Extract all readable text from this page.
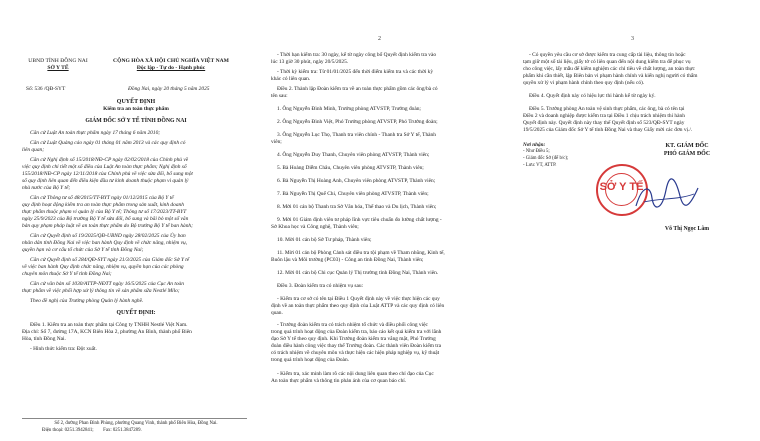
UBND TỈNH ĐỒNG NAI
SỞ Y TẾ
CỘNG HÒA XÃ HỘI CHỦ NGHĨA VIỆT NAM
Độc lập - Tự do - Hạnh phúc
Số: 536 /QĐ-SYT	Đồng Nai, ngày 20 tháng 5 năm 2025
QUYẾT ĐỊNH
Kiểm tra an toàn thực phẩm
GIÁM ĐỐC SỞ Y TẾ TỈNH ĐỒNG NAI
Căn cứ Luật An toàn thực phẩm ngày 17 tháng 6 năm 2010;
Căn cứ Luật Quảng cáo ngày 01 tháng 01 năm 2013 và các quy định có
liên quan;
Căn cứ Nghị định số 15/2018/NĐ-CP ngày 02/02/2018 của Chính phủ về
việc quy định chi tiết một số điều của Luật An toàn thực phẩm; Nghị định số
155/2018/NĐ-CP ngày 12/11/2018 của Chính phủ về việc sửa đổi, bổ sung một
số quy định liên quan đến điều kiện đầu tư kinh doanh thuộc phạm vi quản lý
nhà nước của Bộ Y tế;
Căn cứ Thông tư số 48/2015/TT-BYT ngày 01/12/2015 của Bộ Y tế
quy định hoạt động kiểm tra an toàn thực phẩm trong sản xuất, kinh doanh
thực phẩm thuộc phạm vi quản lý của Bộ Y tế; Thông tư số 17/2023/TT-BYT
ngày 25/9/2023 của Bộ trưởng Bộ Y tế sửa đổi, bổ sung và bãi bỏ một số văn
bản quy phạm pháp luật về an toàn thực phẩm do Bộ trưởng Bộ Y tế ban hành;
Căn cứ Quyết định số 19/2025/QĐ-UBND ngày 28/02/2025 của Ủy ban
nhân dân tỉnh Đồng Nai về việc ban hành Quy định về chức năng, nhiệm vụ,
quyền hạn và cơ cấu tổ chức của Sở Y tế tỉnh Đồng Nai;
Căn cứ Quyết định số 284/QĐ-SYT ngày 21/3/2025 của Giám đốc Sở Y tế
về việc ban hành Quy định chức năng, nhiệm vụ, quyền hạn của các phòng
chuyên môn thuộc Sở Y tế tỉnh Đồng Nai;
Căn cứ văn bản số 1030/ATTP-NĐTT ngày 16/5/2025 của Cục An toàn
thực phẩm về việc phối hợp xử lý thông tin về sản phẩm sữa Nestlé Milo;
Theo đề nghị của Trưởng phòng Quản lý hành nghề.
QUYẾT ĐỊNH:
Điều 1. Kiểm tra an toàn thực phẩm tại Công ty TNHH Nestlé Việt Nam.
Địa chỉ: Số 7, đường 17A, KCN Biên Hòa 2, phường An Bình, thành phố Biên
Hòa, tỉnh Đồng Nai.
- Hình thức kiểm tra: Đột xuất.
Số 2, đường Phan Đình Phùng, phường Quang Vinh, thành phố Biên Hòa, Đồng Nai.
Điện thoại: 0251.3942841;        Fax: 0251.3847289.
2
- Thời hạn kiểm tra: 30 ngày, kể từ ngày công bố Quyết định kiểm tra vào
lúc 13 giờ 30 phút, ngày 20/5/2025.
- Thời kỳ kiểm tra: Từ 01/01/2025 đến thời điểm kiểm tra và các thời kỳ
khác có liên quan.
Điều 2. Thành lập Đoàn kiểm tra về an toàn thực phẩm gồm các ông/bà có
tên sau:
1. Ông Nguyễn Đình Minh, Trưởng phòng ATVSTP, Trưởng đoàn;
2. Ông Nguyễn Đình Việt, Phó Trưởng phòng ATVSTP, Phó Trưởng đoàn;
3. Ông Nguyễn Lục Thọ, Thanh tra viên chính - Thanh tra Sở Y tế, Thành
viên;
4. Ông Nguyễn Duy Thanh, Chuyên viên phòng ATVSTP, Thành viên;
5. Bà Hoàng Diễm Châu, Chuyên viên phòng ATVSTP, Thành viên;
6. Bà Nguyễn Thị Hoàng Anh, Chuyên viên phòng ATVSTP, Thành viên;
7. Bà Nguyễn Thị Quế Chi, Chuyên viên phòng ATVSTP, Thành viên;
8. Mời 01 cán bộ Thanh tra Sở Văn hóa, Thể thao và Du lịch, Thành viên;
9. Mời 01 Giám định viên tư pháp lĩnh vực tiêu chuẩn đo lường chất lượng -
Sở Khoa học và Công nghệ, Thành viên;
10. Mời 01 cán bộ Sở Tư pháp, Thành viên;
11. Mời 01 cán bộ Phòng Cảnh sát điều tra tội phạm về Tham nhũng, Kinh tế,
Buôn lậu và Môi trường (PC03) - Công an tỉnh Đồng Nai, Thành viên;
12. Mời 01 cán bộ Chi cục Quản lý Thị trường tỉnh Đồng Nai, Thành viên.
Điều 3. Đoàn kiểm tra có nhiệm vụ sau:
- Kiểm tra cơ sở có tên tại Điều 1 Quyết định này về việc thực hiện các quy
định về an toàn thực phẩm theo quy định của Luật ATTP và các quy định có liên
quan.
- Trưởng đoàn kiểm tra có trách nhiệm tổ chức và điều phối công việc
trong quá trình hoạt động của Đoàn kiểm tra, báo cáo kết quả kiểm tra với lãnh
đạo Sở Y tế theo quy định. Khi Trưởng đoàn kiểm tra vắng mặt, Phó Trưởng
đoàn điều hành công việc thay thế Trưởng đoàn. Các thành viên Đoàn kiểm tra
có trách nhiệm về chuyên môn và thực hiện các hiện pháp nghiệp vụ, kỹ thuật
trong quá trình hoạt động của Đoàn.
- Kiểm tra, xác minh làm rõ các nội dung liên quan theo chỉ đạo của Cục
An toàn thực phẩm và thông tin phản ánh của cơ quan báo chí.
3
- Có quyền yêu cầu cơ sở được kiểm tra cung cấp tài liệu, thông tin hoặc
tạm giữ một số tài liệu, giấy tờ có liên quan đến nội dung kiểm tra để phục vụ
cho công việc, lấy mẫu để kiểm nghiệm các chỉ tiêu về chất lượng, an toàn thực
phẩm khi cần thiết, lập Biên bản vi phạm hành chính và kiến nghị người có thẩm
quyền xử lý vi phạm hành chính theo quy định (nếu có).
Điều 4. Quyết định này có hiệu lực thi hành kể từ ngày ký.
Điều 5. Trưởng phòng An toàn vệ sinh thực phẩm, các ông, bà có tên tại
Điều 2 và doanh nghiệp được kiểm tra tại Điều 1 chịu trách nhiệm thi hành
Quyết định này. Quyết định này thay thế Quyết định số 523/QĐ-SYT ngày
19/5/2025 của Giám đốc Sở Y tế tỉnh Đồng Nai và thay Giấy mời các đơn vị./.
Nơi nhận:
- Như Điều 5;
- Giám đốc Sở (để b/c);
- Lưu: VT, ATTP.
KT. GIÁM ĐỐC
PHÓ GIÁM ĐỐC
Võ Thị Ngọc Lâm
SỞ Y TẾ
